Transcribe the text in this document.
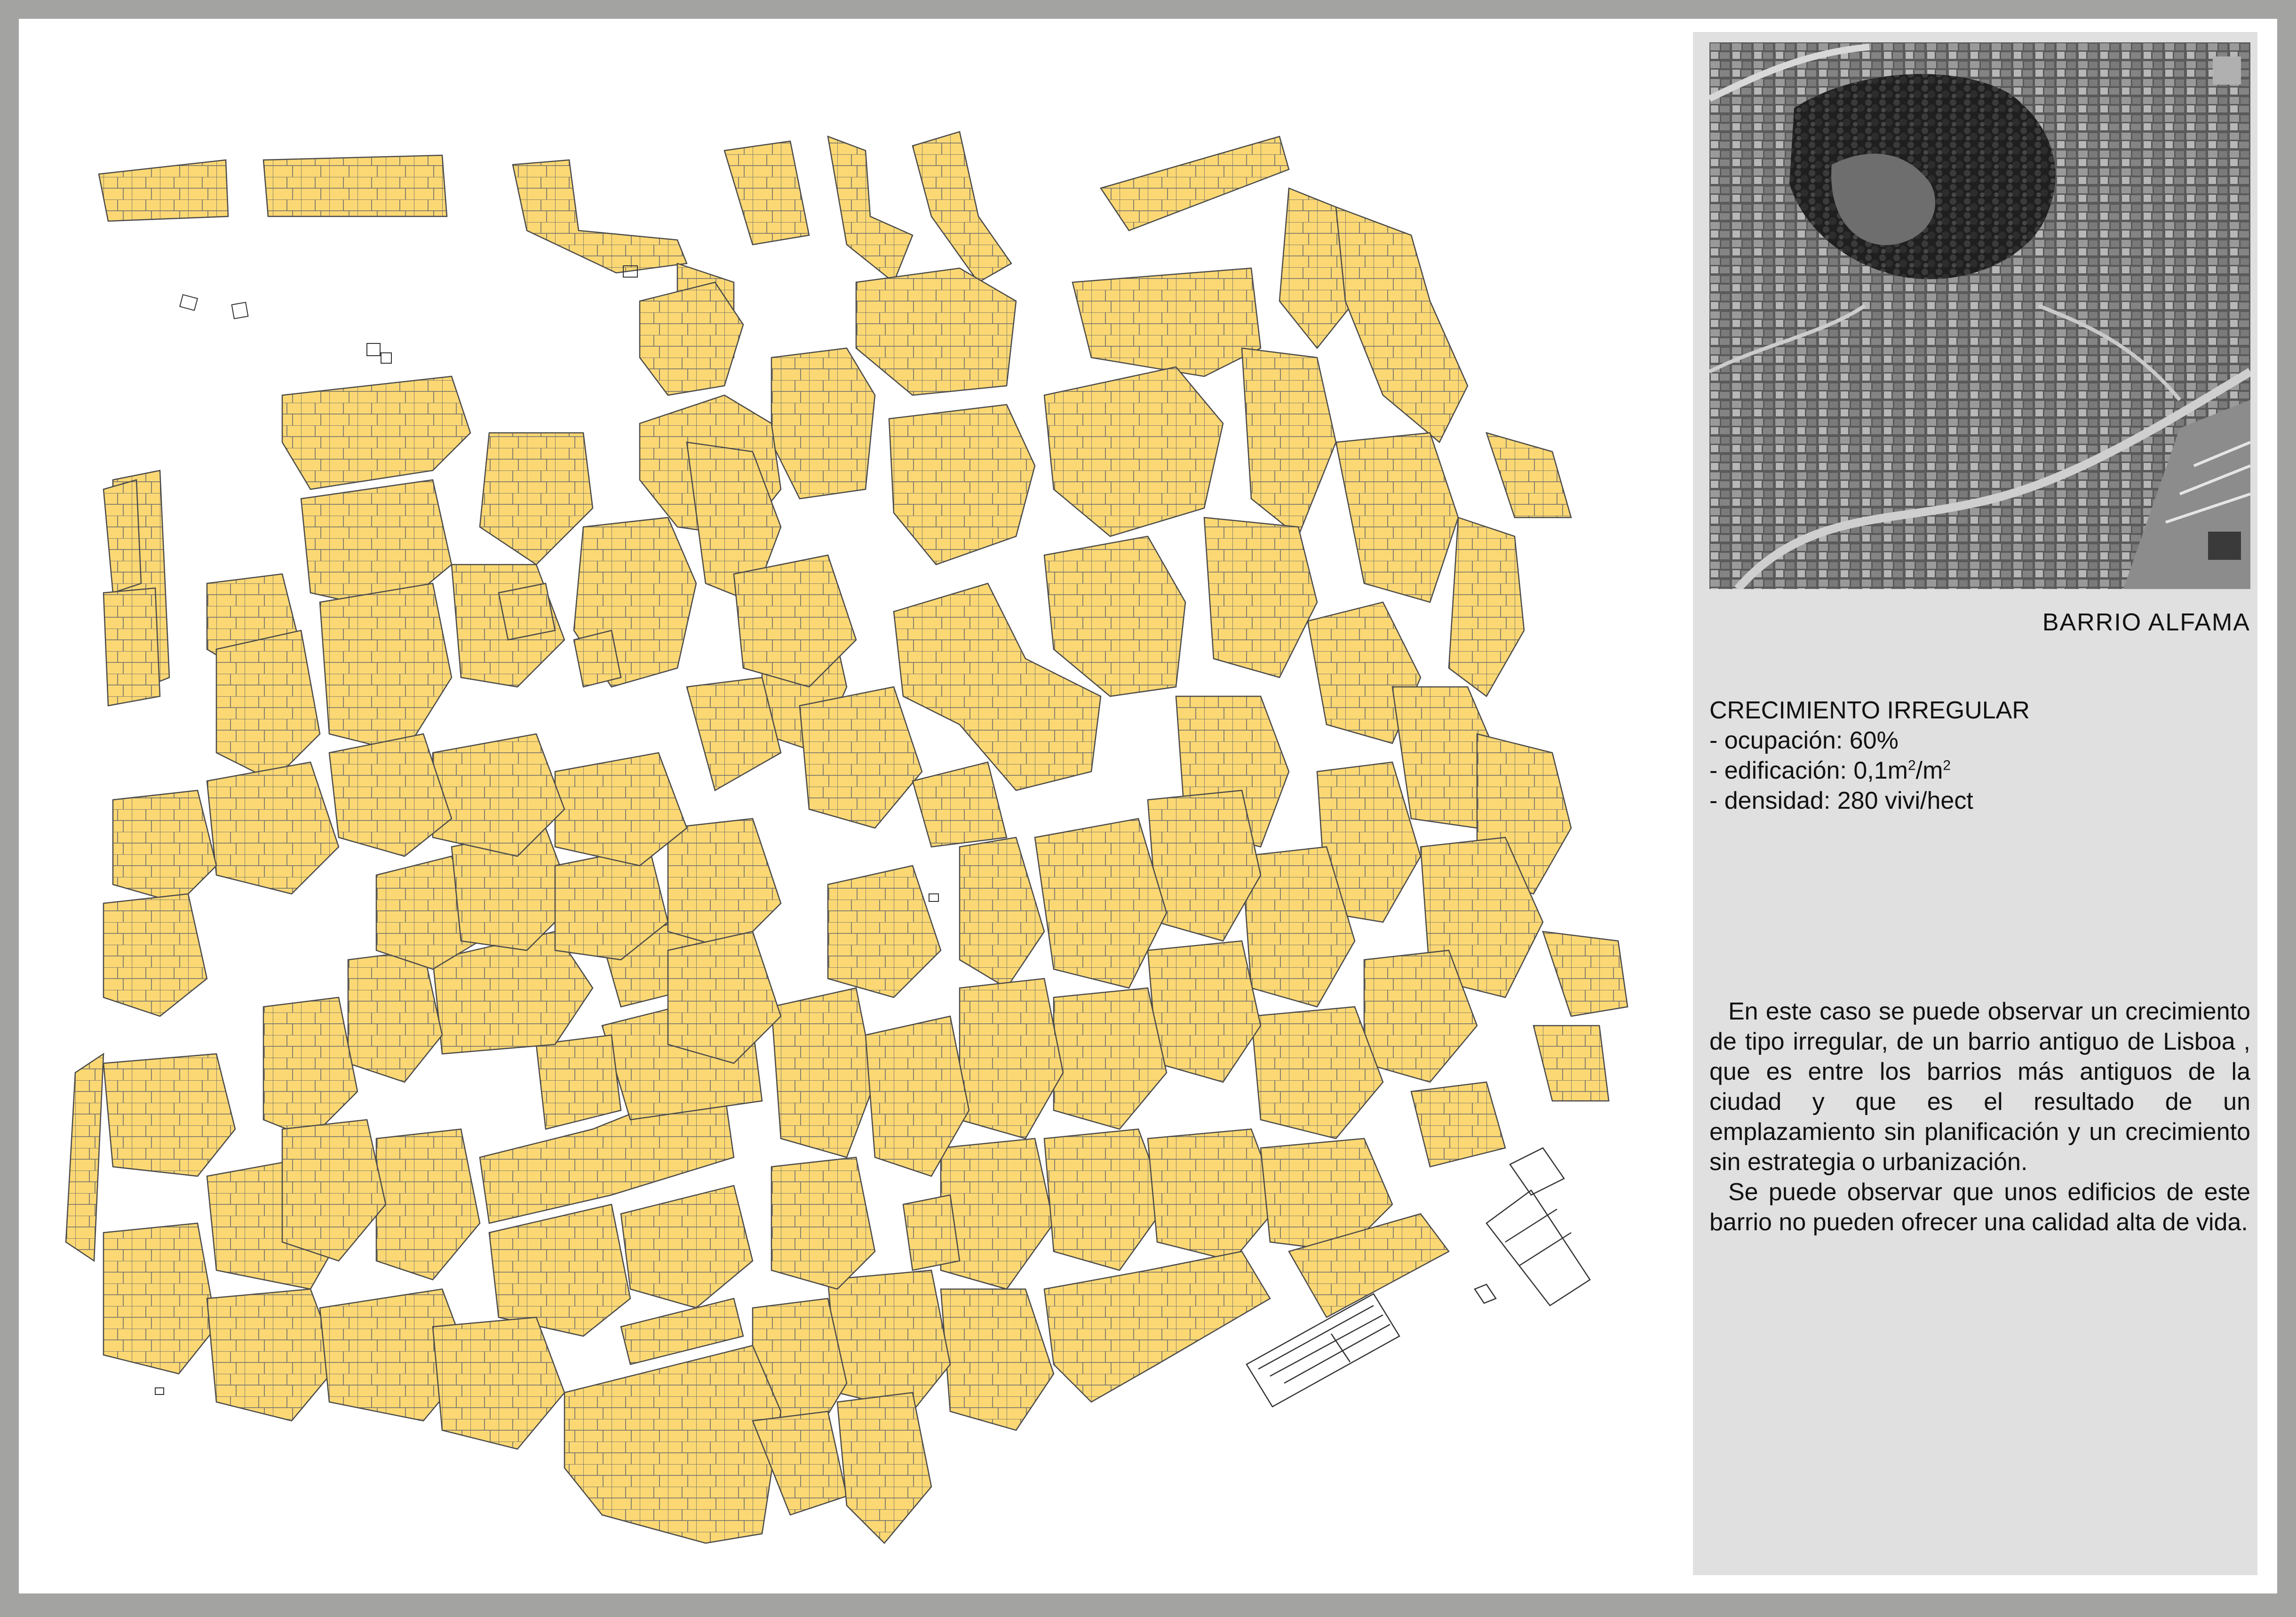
BARRIO ALFAMA
CRECIMIENTO IRREGULAR
- ocupación: 60%
- edificación: $0,1m^2/m^2$
- densidad: 280 vivi/hect

En este caso se puede observar un crecimiento de tipo irregular, de un barrio antiguo de Lisboa , que es entre los barrios más antiguos de la ciudad y que es el resultado de un emplazamiento sin planificación y un crecimiento sin estrategia o urbanización.

Se puede observar que unos edificios de este barrio no pueden ofrecer una calidad alta de vida.
